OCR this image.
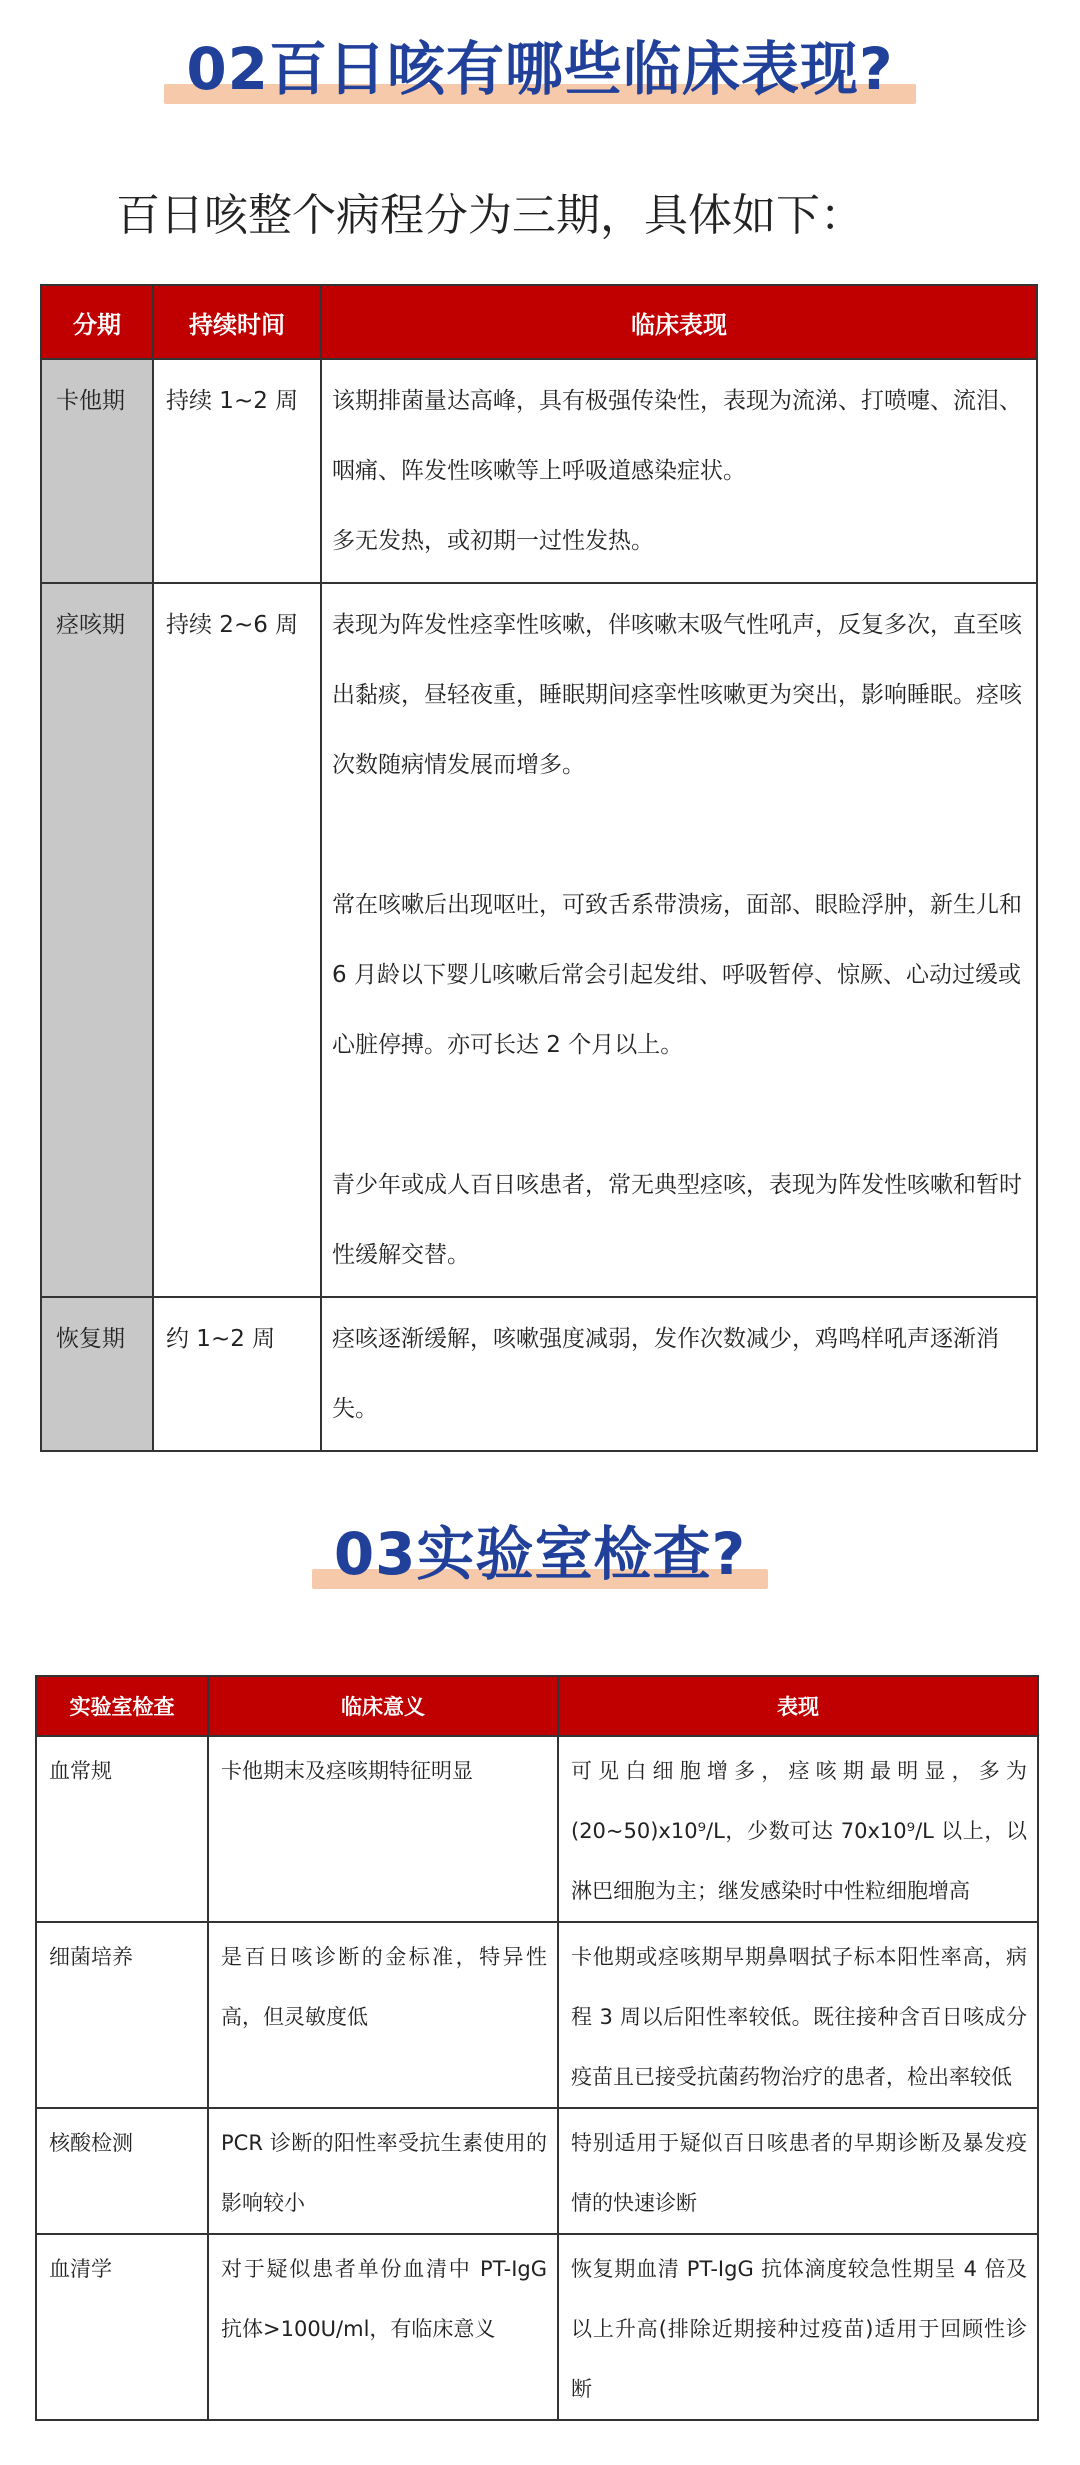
02百日咳有哪些临床表现?
百日咳整个病程分为三期，具体如下：
分期	持续时间	临床表现
卡他期	持续 1~2 周	该期排菌量达高峰，具有极强传染性，表现为流涕、打喷嚏、流泪、咽痛、阵发性咳嗽等上呼吸道感染症状。
多无发热，或初期一过性发热。

痉咳期	持续 2~6 周	表现为阵发性痉挛性咳嗽，伴咳嗽末吸气性吼声，反复多次，直至咳出黏痰，昼轻夜重，睡眠期间痉挛性咳嗽更为突出，影响睡眠。痉咳次数随病情发展而增多。
常在咳嗽后出现呕吐，可致舌系带溃疡，面部、眼睑浮肿，新生儿和 6 月龄以下婴儿咳嗽后常会引起发绀、呼吸暂停、惊厥、心动过缓或心脏停搏。亦可长达 2 个月以上。
青少年或成人百日咳患者，常无典型痉咳，表现为阵发性咳嗽和暂时性缓解交替。

恢复期	约 1~2 周	痉咳逐渐缓解，咳嗽强度减弱，发作次数减少，鸡鸣样吼声逐渐消失。
03实验室检查?
实验室检查	临床意义	表现
血常规	卡他期末及痉咳期特征明显	可见白细胞增多，痉咳期最明显，多为(20~50)x10⁹/L，少数可达 70x10⁹/L 以上，以淋巴细胞为主；继发感染时中性粒细胞增高
细菌培养	是百日咳诊断的金标准，特异性高，但灵敏度低	卡他期或痉咳期早期鼻咽拭子标本阳性率高，病程 3 周以后阳性率较低。既往接种含百日咳成分疫苗且已接受抗菌药物治疗的患者，检出率较低
核酸检测	PCR 诊断的阳性率受抗生素使用的影响较小	特别适用于疑似百日咳患者的早期诊断及暴发疫情的快速诊断
血清学	对于疑似患者单份血清中 PT-IgG 抗体>100U/ml，有临床意义	恢复期血清 PT-IgG 抗体滴度较急性期呈 4 倍及以上升高(排除近期接种过疫苗)适用于回顾性诊断
